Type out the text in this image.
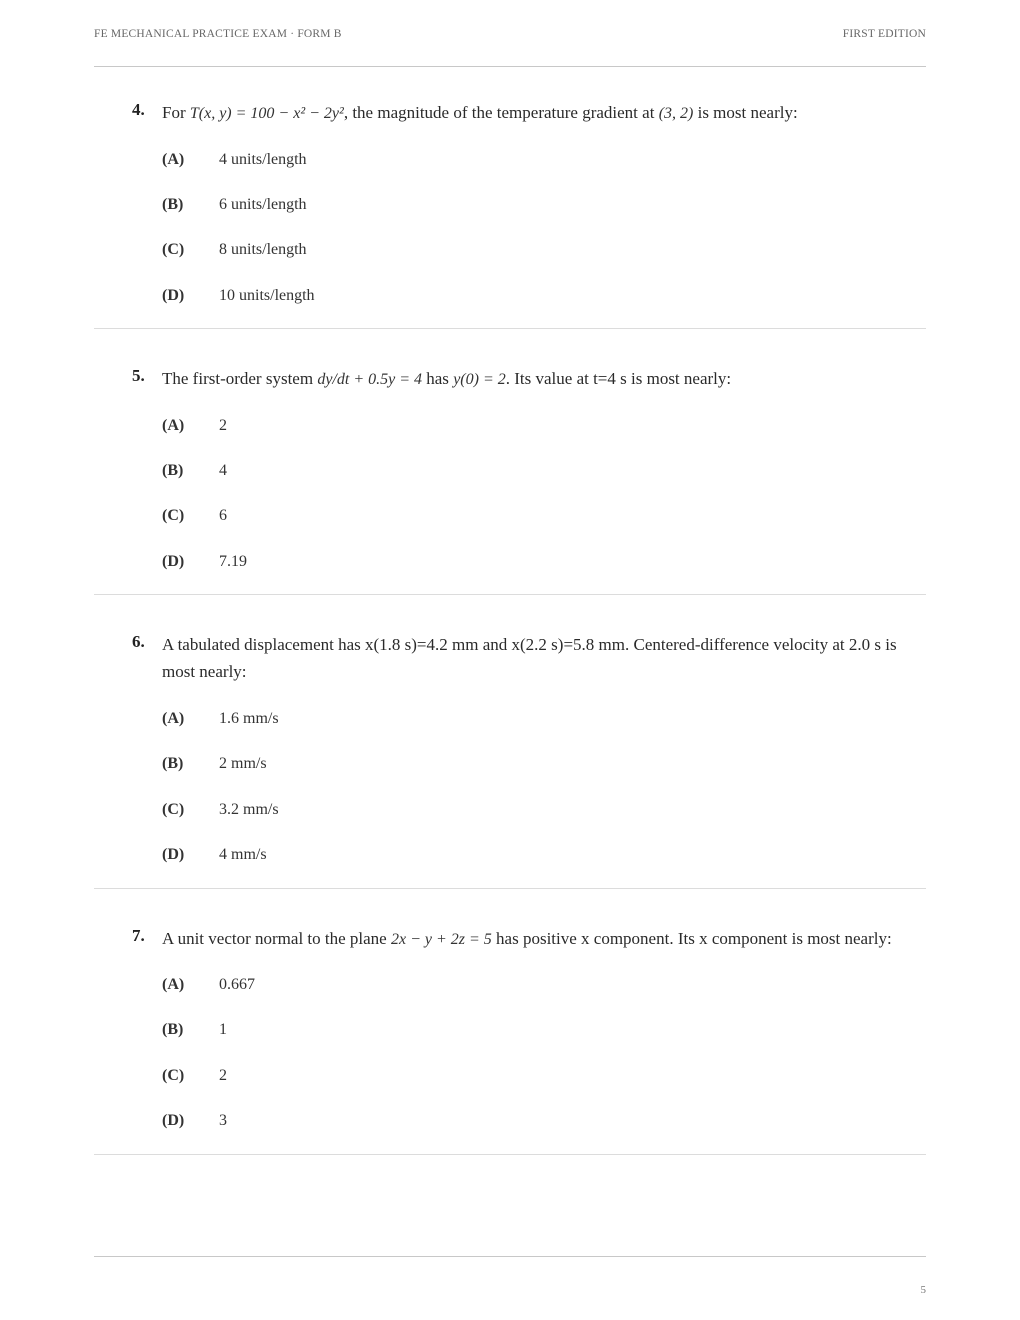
FE MECHANICAL PRACTICE EXAM · FORM B	FIRST EDITION
4. For T(x, y) = 100 − x² − 2y², the magnitude of the temperature gradient at (3, 2) is most nearly:
(A)	4 units/length
(B)	6 units/length
(C)	8 units/length
(D)	10 units/length
5. The first-order system dy/dt + 0.5y = 4 has y(0) = 2. Its value at t=4 s is most nearly:
(A)	2
(B)	4
(C)	6
(D)	7.19
6. A tabulated displacement has x(1.8 s)=4.2 mm and x(2.2 s)=5.8 mm. Centered-difference velocity at 2.0 s is most nearly:
(A)	1.6 mm/s
(B)	2 mm/s
(C)	3.2 mm/s
(D)	4 mm/s
7. A unit vector normal to the plane 2x − y + 2z = 5 has positive x component. Its x component is most nearly:
(A)	0.667
(B)	1
(C)	2
(D)	3
5
